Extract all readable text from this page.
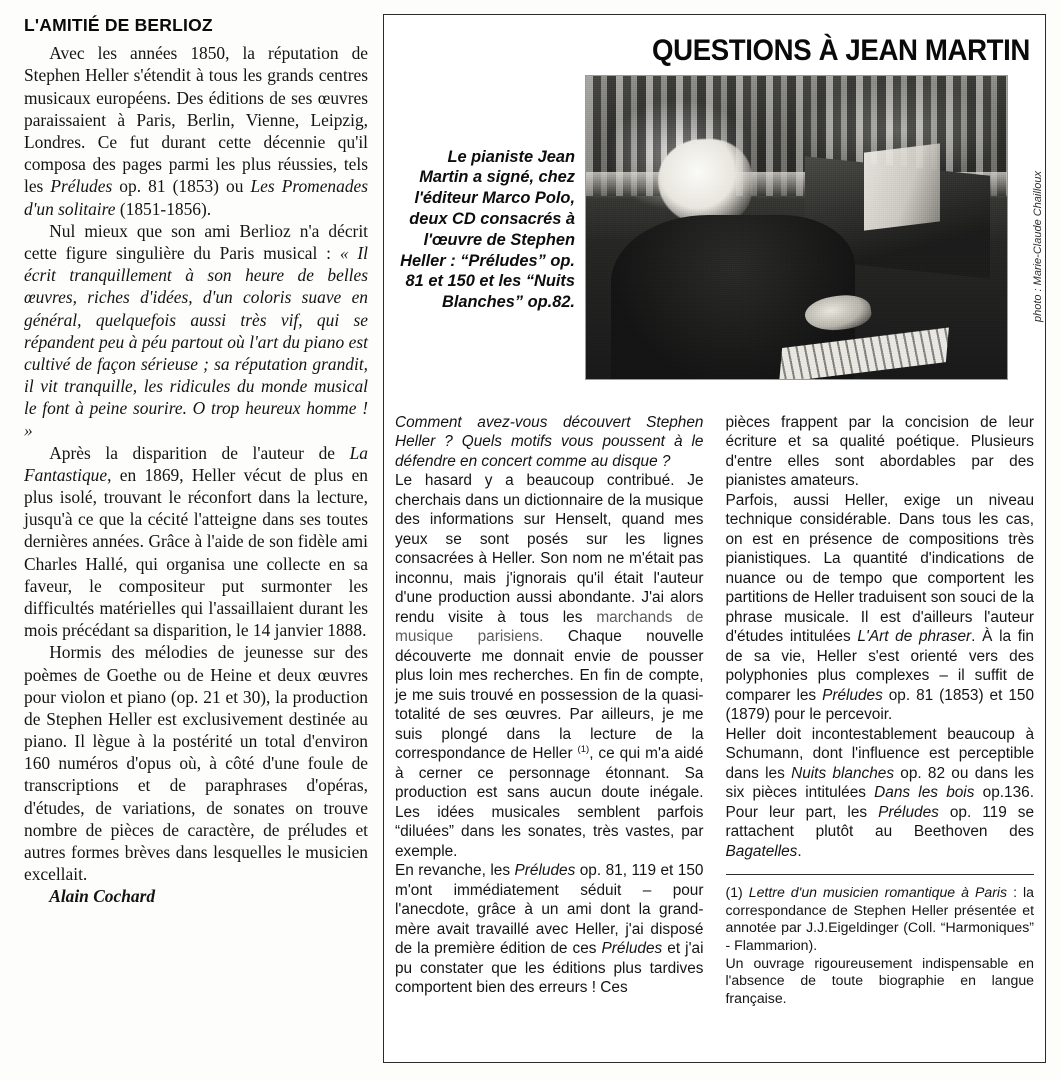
L'AMITIÉ DE BERLIOZ

Avec les années 1850, la réputation de Stephen Heller s'étendit à tous les grands centres musicaux européens. Des éditions de ses œuvres paraissaient à Paris, Berlin, Vienne, Leipzig, Londres. Ce fut durant cette décennie qu'il composa des pages parmi les plus réussies, tels les Préludes op. 81 (1853) ou Les Promenades d'un solitaire (1851-1856).

Nul mieux que son ami Berlioz n'a décrit cette figure singulière du Paris musical : « Il écrit tranquillement à son heure de belles œuvres, riches d'idées, d'un coloris suave en général, quelquefois aussi très vif, qui se répandent peu à péu partout où l'art du piano est cultivé de façon sérieuse ; sa réputation grandit, il vit tranquille, les ridicules du monde musical le font à peine sourire. O trop heureux homme ! »

Après la disparition de l'auteur de La Fantastique, en 1869, Heller vécut de plus en plus isolé, trouvant le réconfort dans la lecture, jusqu'à ce que la cécité l'atteigne dans ses toutes dernières années. Grâce à l'aide de son fidèle ami Charles Hallé, qui organisa une collecte en sa faveur, le compositeur put surmonter les difficultés matérielles qui l'assaillaient durant les mois précédant sa disparition, le 14 janvier 1888.

Hormis des mélodies de jeunesse sur des poèmes de Goethe ou de Heine et deux œuvres pour violon et piano (op. 21 et 30), la production de Stephen Heller est exclusivement destinée au piano. Il lègue à la postérité un total d'environ 160 numéros d'opus où, à côté d'une foule de transcriptions et de paraphrases d'opéras, d'études, de variations, de sonates on trouve nombre de pièces de caractère, de préludes et autres formes brèves dans lesquelles le musicien excellait.

Alain Cochard

QUESTIONS À JEAN MARTIN
Le pianiste Jean Martin a signé, chez l'éditeur Marco Polo, deux CD consacrés à l'œuvre de Stephen Heller : “Préludes” op. 81 et 150 et les “Nuits Blanches” op.82.	photo : Marie-Claude Chailloux

Comment avez-vous découvert Stephen Heller ? Quels motifs vous poussent à le défendre en concert comme au disque ?

Le hasard y a beaucoup contribué. Je cherchais dans un dictionnaire de la musique des informations sur Henselt, quand mes yeux se sont posés sur les lignes consacrées à Heller. Son nom ne m'était pas inconnu, mais j'ignorais qu'il était l'auteur d'une production aussi abondante. J'ai alors rendu visite à tous les marchands de musique parisiens. Chaque nouvelle découverte me donnait envie de pousser plus loin mes recherches. En fin de compte, je me suis trouvé en possession de la quasi-totalité de ses œuvres. Par ailleurs, je me suis plongé dans la lecture de la correspondance de Heller $^{(1)}$, ce qui m'a aidé à cerner ce personnage étonnant. Sa production est sans aucun doute inégale. Les idées musicales semblent parfois “diluées” dans les sonates, très vastes, par exemple.

En revanche, les Préludes op. 81, 119 et 150 m'ont immédiatement séduit – pour l'anecdote, grâce à un ami dont la grand-mère avait travaillé avec Heller, j'ai disposé de la première édition de ces Préludes et j'ai pu constater que les éditions plus tardives comportent bien des erreurs ! Ces

pièces frappent par la concision de leur écriture et sa qualité poétique. Plusieurs d'entre elles sont abordables par des pianistes amateurs.

Parfois, aussi Heller, exige un niveau technique considérable. Dans tous les cas, on est en présence de compositions très pianistiques. La quantité d'indications de nuance ou de tempo que comportent les partitions de Heller traduisent son souci de la phrase musicale. Il est d'ailleurs l'auteur d'études intitulées L'Art de phraser. À la fin de sa vie, Heller s'est orienté vers des polyphonies plus complexes – il suffit de comparer les Préludes op. 81 (1853) et 150 (1879) pour le percevoir.

Heller doit incontestablement beaucoup à Schumann, dont l'influence est perceptible dans les Nuits blanches op. 82 ou dans les six pièces intitulées Dans les bois op.136. Pour leur part, les Préludes op. 119 se rattachent plutôt au Beethoven des Bagatelles.

(1) Lettre d'un musicien romantique à Paris : la correspondance de Stephen Heller présentée et annotée par J.J.Eigeldinger (Coll. “Harmoniques” - Flammarion).

Un ouvrage rigoureusement indispensable en l'absence de toute biographie en langue française.
